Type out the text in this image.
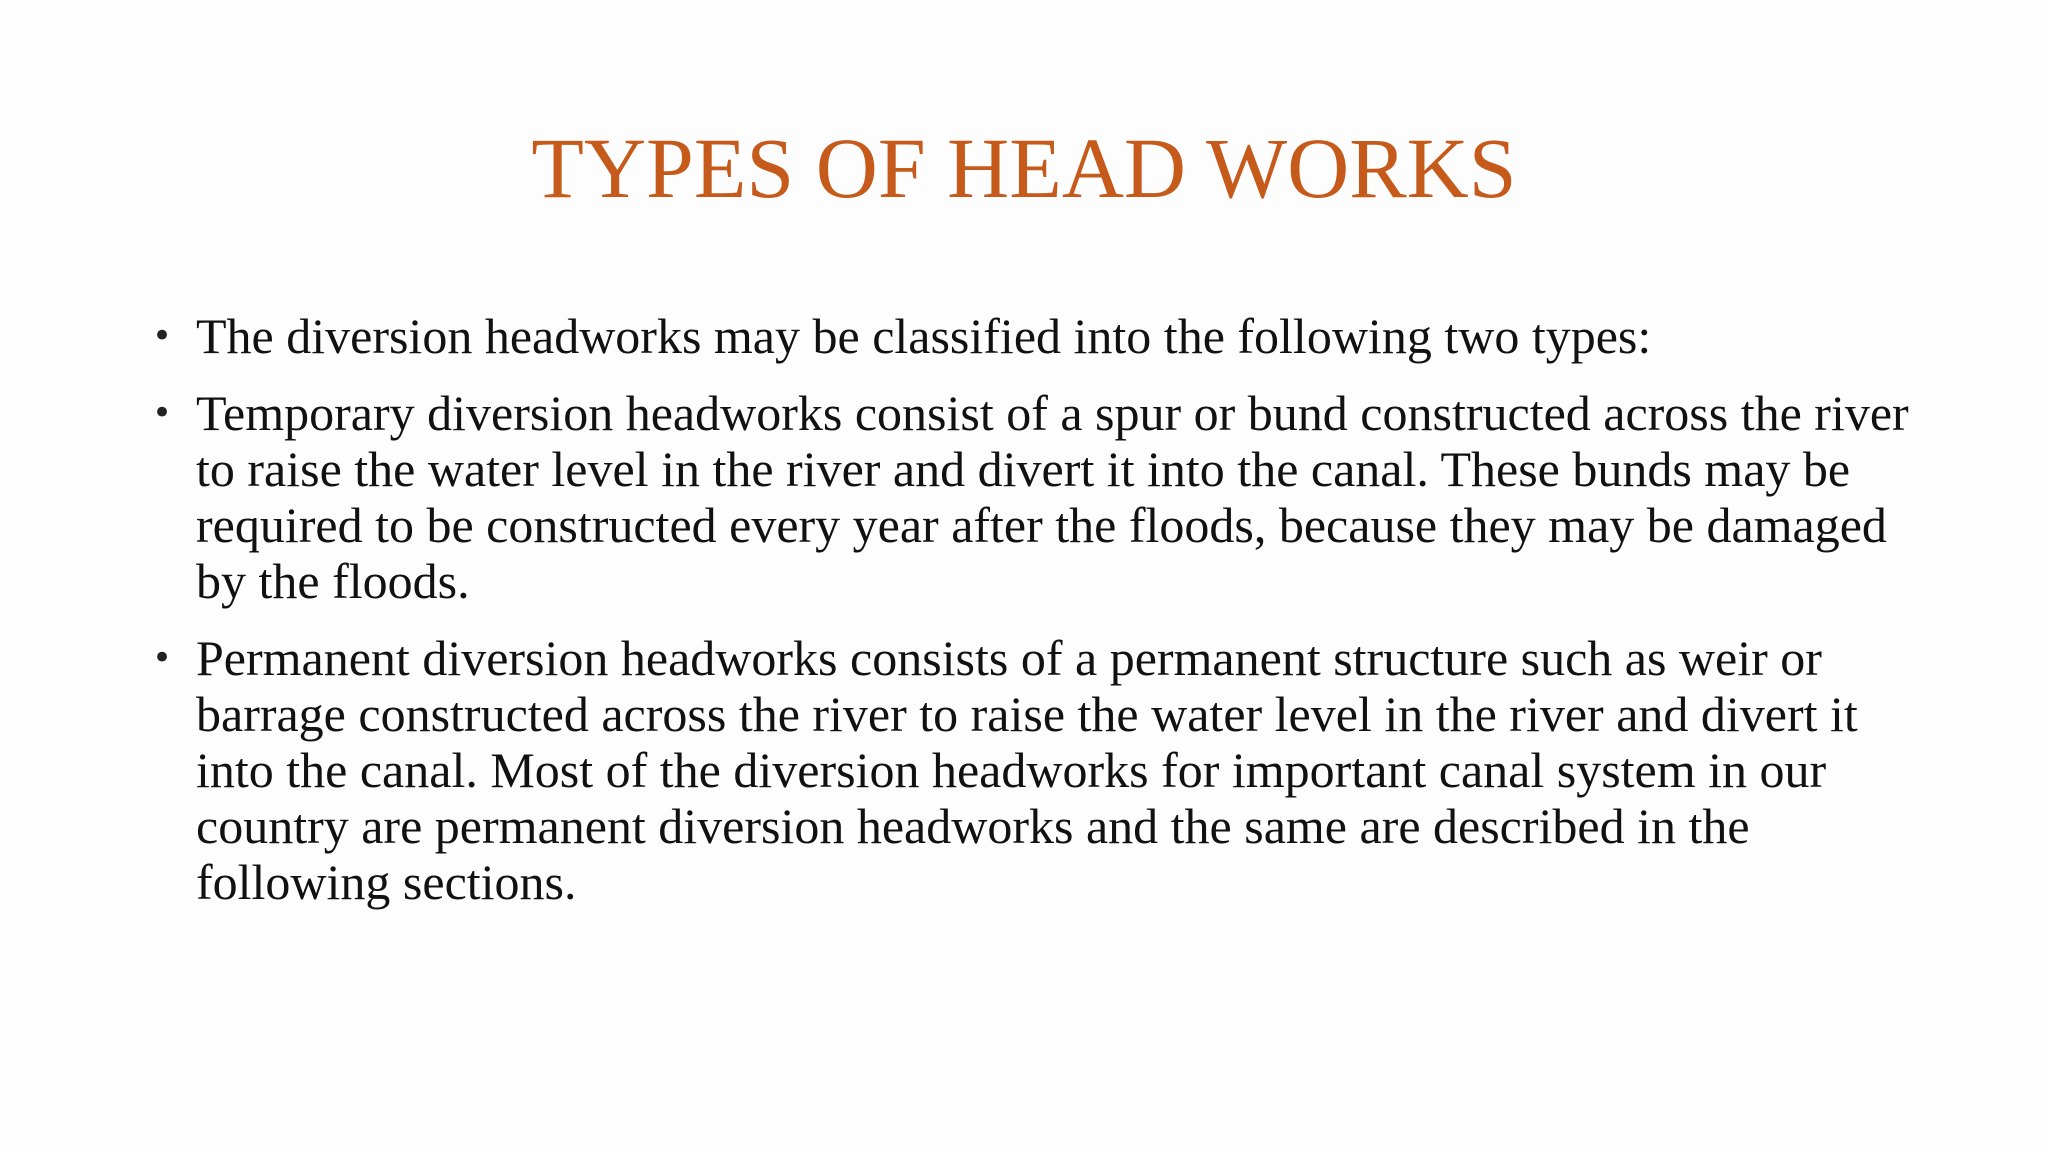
TYPES OF HEAD WORKS
• The diversion headworks may be classified into the following two types:
• Temporary diversion headworks consist of a spur or bund constructed across the river to raise the water level in the river and divert it into the canal. These bunds may be required to be constructed every year after the floods, because they may be damaged by the floods.
• Permanent diversion headworks consists of a permanent structure such as weir or barrage constructed across the river to raise the water level in the river and divert it into the canal. Most of the diversion headworks for important canal system in our country are permanent diversion headworks and the same are described in the following sections.
